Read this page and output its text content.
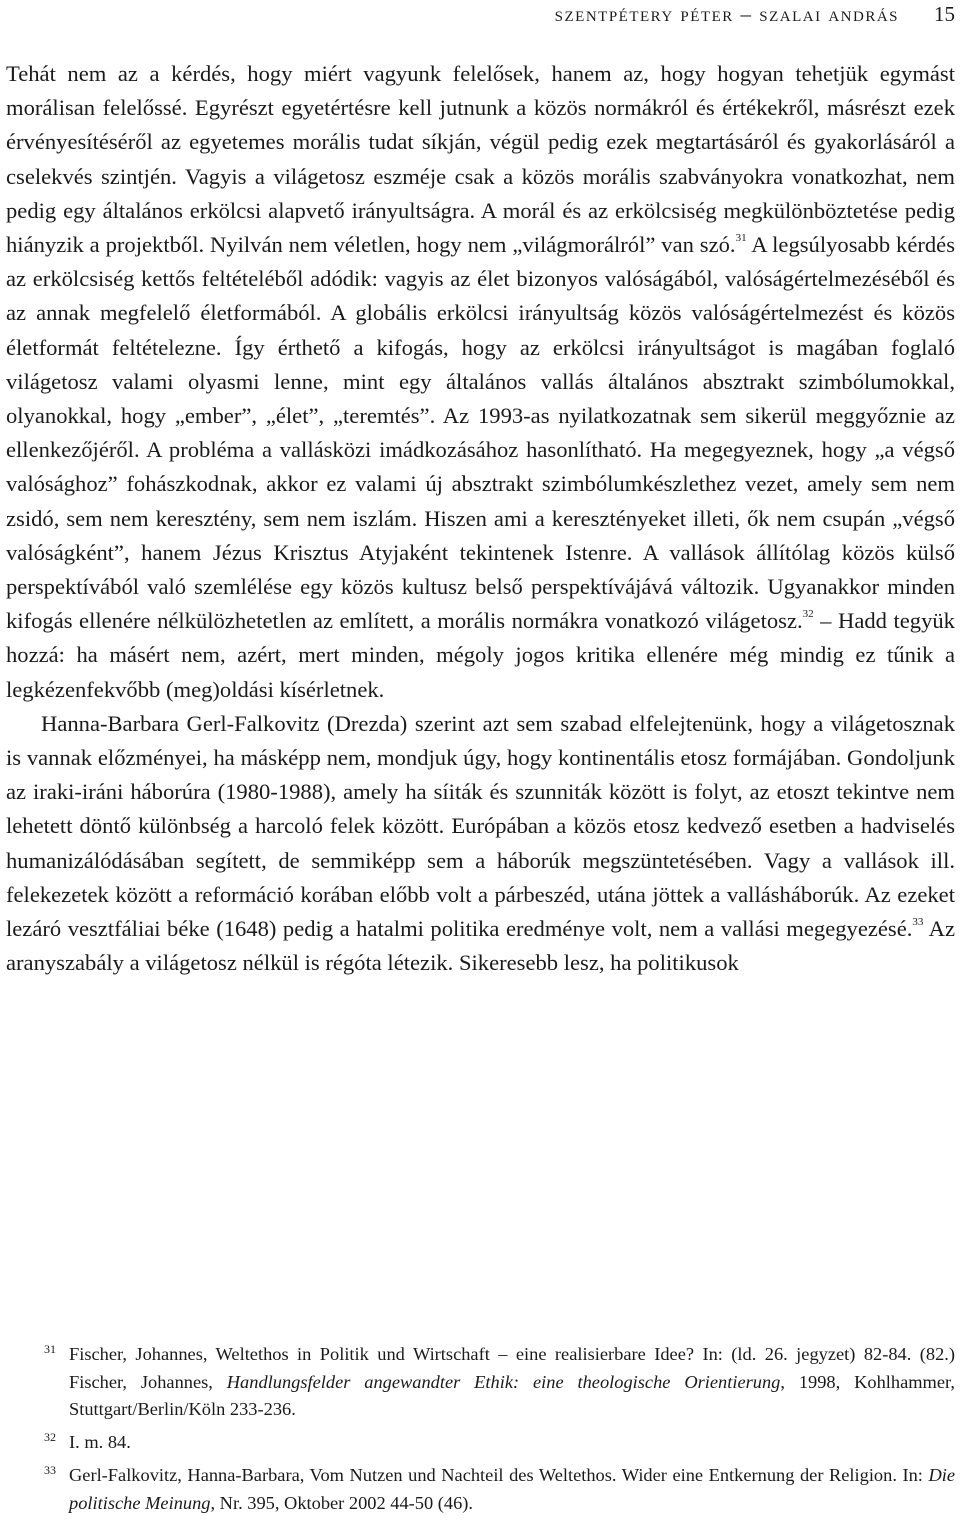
szentpétery péter – szalai andrás 15

Tehát nem az a kérdés, hogy miért vagyunk felelősek, hanem az, hogy hogyan tehetjük egymást morálisan felelőssé. Egyrészt egyetértésre kell jutnunk a közös normákról és értékekről, másrészt ezek érvényesítéséről az egyetemes morális tudat síkján, végül pedig ezek megtartásáról és gyakorlásáról a cselekvés szintjén. Vagyis a világetosz eszméje csak a közös morális szabványokra vonatkozhat, nem pedig egy általános erkölcsi alapvető irányultságra. A morál és az erkölcsiség megkülönböztetése pedig hiányzik a projektből. Nyilván nem véletlen, hogy nem „világmorálról” van szó.$^{31}$ A legsúlyosabb kérdés az erkölcsiség kettős feltételéből adódik: vagyis az élet bizonyos valóságából, valóságértelmezéséből és az annak megfelelő életformából. A globális erkölcsi irányultság közös valóságértelmezést és közös életformát feltételezne. Így érthető a kifogás, hogy az erkölcsi irányultságot is magában foglaló világetosz valami olyasmi lenne, mint egy általános vallás általános absztrakt szimbólumokkal, olyanokkal, hogy „ember”, „élet”, „teremtés”. Az 1993-as nyilatkozatnak sem sikerül meggyőznie az ellenkezőjéről. A probléma a vallásközi imádkozásához hasonlítható. Ha megegyeznek, hogy „a végső valósághoz” fohászkodnak, akkor ez valami új absztrakt szimbólumkészlethez vezet, amely sem nem zsidó, sem nem keresztény, sem nem iszlám. Hiszen ami a keresztényeket illeti, ők nem csupán „végső valóságként”, hanem Jézus Krisztus Atyjaként tekintenek Istenre. A vallások állítólag közös külső perspektívából való szemlélése egy közös kultusz belső perspektívájává változik. Ugyanakkor minden kifogás ellenére nélkülözhetetlen az említett, a morális normákra vonatkozó világetosz.$^{32}$ – Hadd tegyük hozzá: ha másért nem, azért, mert minden, mégoly jogos kritika ellenére még mindig ez tűnik a legkézenfekvőbb (meg)oldási kísérletnek.

Hanna-Barbara Gerl-Falkovitz (Drezda) szerint azt sem szabad elfelejtenünk, hogy a világetosznak is vannak előzményei, ha másképp nem, mondjuk úgy, hogy kontinentális etosz formájában. Gondoljunk az iraki-iráni háborúra (1980-1988), amely ha síiták és szunniták között is folyt, az etoszt tekintve nem lehetett döntő különbség a harcoló felek között. Európában a közös etosz kedvező esetben a hadviselés humanizálódásában segített, de semmiképp sem a háborúk megszüntetésében. Vagy a vallások ill. felekezetek között a reformáció korában előbb volt a párbeszéd, utána jöttek a vallásháborúk. Az ezeket lezáró vesztfáliai béke (1648) pedig a hatalmi politika eredménye volt, nem a vallási megegyezésé.$^{33}$ Az aranyszabály a világetosz nélkül is régóta létezik. Sikeresebb lesz, ha politikusok

31 Fischer, Johannes, Weltethos in Politik und Wirtschaft – eine realisierbare Idee? In: (ld. 26. jegyzet) 82-84. (82.) Fischer, Johannes, Handlungsfelder angewandter Ethik: eine theologische Orientierung, 1998, Kohlhammer, Stuttgart/Berlin/Köln 233-236.
32 I. m. 84.
33 Gerl-Falkovitz, Hanna-Barbara, Vom Nutzen und Nachteil des Weltethos. Wider eine Entkernung der Religion. In: Die politische Meinung, Nr. 395, Oktober 2002 44-50 (46).
